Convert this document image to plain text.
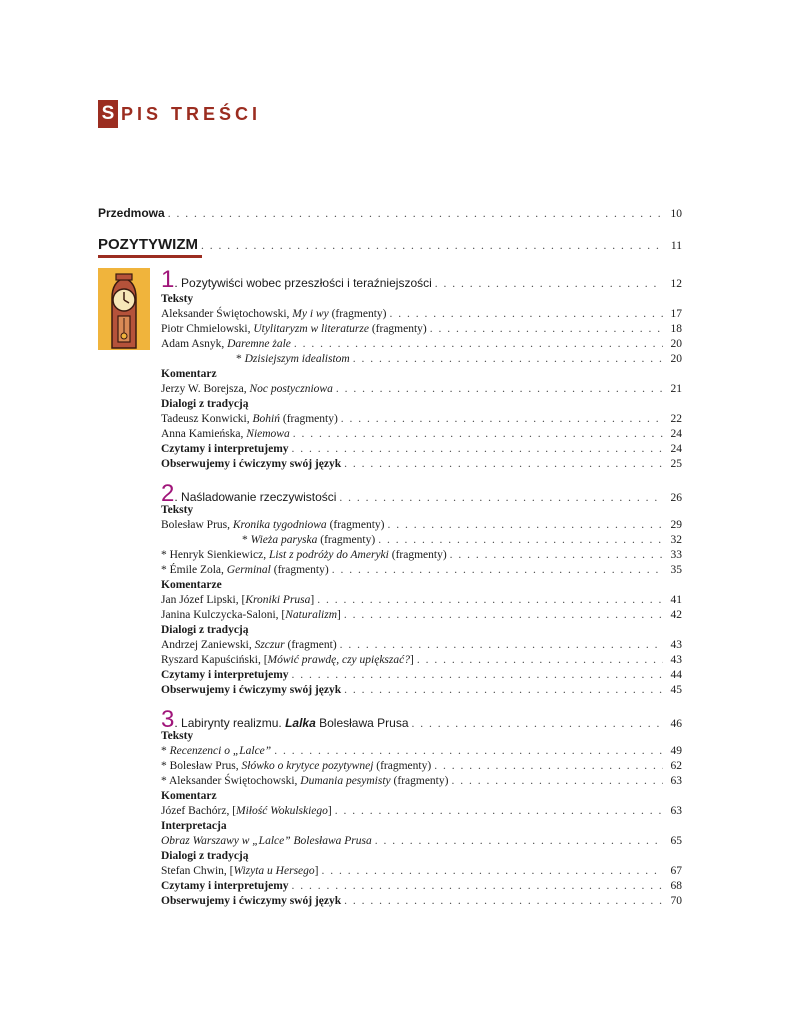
S PIS TREŚCI
Przedmowa . . .	10
POZYTYWIZM . . .	11
1. Pozytywiści wobec przeszłości i teraźniejszości . . .	12
Teksty
Aleksander Świętochowski, My i wy (fragmenty) . . .	17
Piotr Chmielowski, Utylitaryzm w literaturze (fragmenty) . . .	18
Adam Asnyk, Daremne żale . . .	20
* Dzisiejszym idealistom . . .	20
Komentarz
Jerzy W. Borejsza, Noc postyczniowa . . .	21
Dialogi z tradycją
Tadeusz Konwicki, Bohiń (fragmenty) . . .	22
Anna Kamieńska, Niemowa . . .	24
Czytamy i interpretujemy . . .	24
Obserwujemy i ćwiczymy swój język . . .	25
2. Naśladowanie rzeczywistości . . .	26
Teksty
Bolesław Prus, Kronika tygodniowa (fragmenty) . . .	29
* Wieża paryska (fragmenty) . . .	32
* Henryk Sienkiewicz, List z podróży do Ameryki (fragmenty) . . .	33
* Émile Zola, Germinal (fragmenty) . . .	35
Komentarze
Jan Józef Lipski, [Kroniki Prusa] . . .	41
Janina Kulczycka-Saloni, [Naturalizm] . . .	42
Dialogi z tradycją
Andrzej Zaniewski, Szczur (fragment) . . .	43
Ryszard Kapuściński, [Mówić prawdę, czy upiększać?] . . .	43
Czytamy i interpretujemy . . .	44
Obserwujemy i ćwiczymy swój język . . .	45
3. Labirynty realizmu. Lalka Bolesława Prusa . . .	46
Teksty
* Recenzenci o „Lalce” . . .	49
* Bolesław Prus, Słówko o krytyce pozytywnej (fragmenty) . . .	62
* Aleksander Świętochowski, Dumania pesymisty (fragmenty) . . .	63
Komentarz
Józef Bachórz, [Miłość Wokulskiego] . . .	63
Interpretacja
Obraz Warszawy w „Lalce” Bolesława Prusa . . .	65
Dialogi z tradycją
Stefan Chwin, [Wizyta u Hersego] . . .	67
Czytamy i interpretujemy . . .	68
Obserwujemy i ćwiczymy swój język . . .	70
